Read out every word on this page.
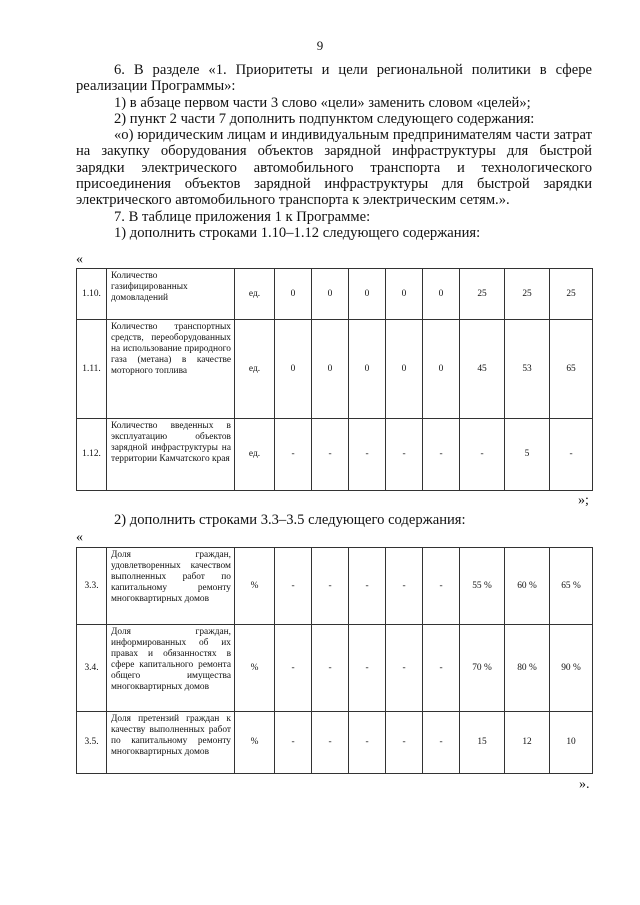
9

6. В разделе «1. Приоритеты и цели региональной политики в сфере реализации Программы»:

1) в абзаце первом части 3 слово «цели» заменить словом «целей»;

2) пункт 2 части 7 дополнить подпунктом следующего содержания:

«о) юридическим лицам и индивидуальным предпринимателям части затрат на закупку оборудования объектов зарядной инфраструктуры для быстрой зарядки электрического автомобильного транспорта и технологического присоединения объектов зарядной инфраструктуры для быстрой зарядки электрического автомобильного транспорта к электрическим сетям.».

7. В таблице приложения 1 к Программе:

1) дополнить строками 1.10–1.12 следующего содержания:

«
1.10.	Количество газифицированных домовладений	ед.	0	0	0	0	0	25	25	25
1.11.	Количество транспортных средств, переоборудованных на использование природного газа (метана) в качестве моторного топлива	ед.	0	0	0	0	0	45	53	65
1.12.	Количество введенных в эксплуатацию объектов зарядной инфраструктуры на территории Камчатского края	ед.	-	-	-	-	-	-	5	-
»;
2) дополнить строками 3.3–3.5 следующего содержания:
«
3.3.	Доля граждан, удовлетворенных качеством выполненных работ по капитальному ремонту многоквартирных домов	%	-	-	-	-	-	55 %	60 %	65 %
3.4.	Доля граждан, информированных об их правах и обязанностях в сфере капитального ремонта общего имущества многоквартирных домов	%	-	-	-	-	-	70 %	80 %	90 %
3.5.	Доля претензий граждан к качеству выполненных работ по капитальному ремонту многоквартирных домов	%	-	-	-	-	-	15	12	10
».
